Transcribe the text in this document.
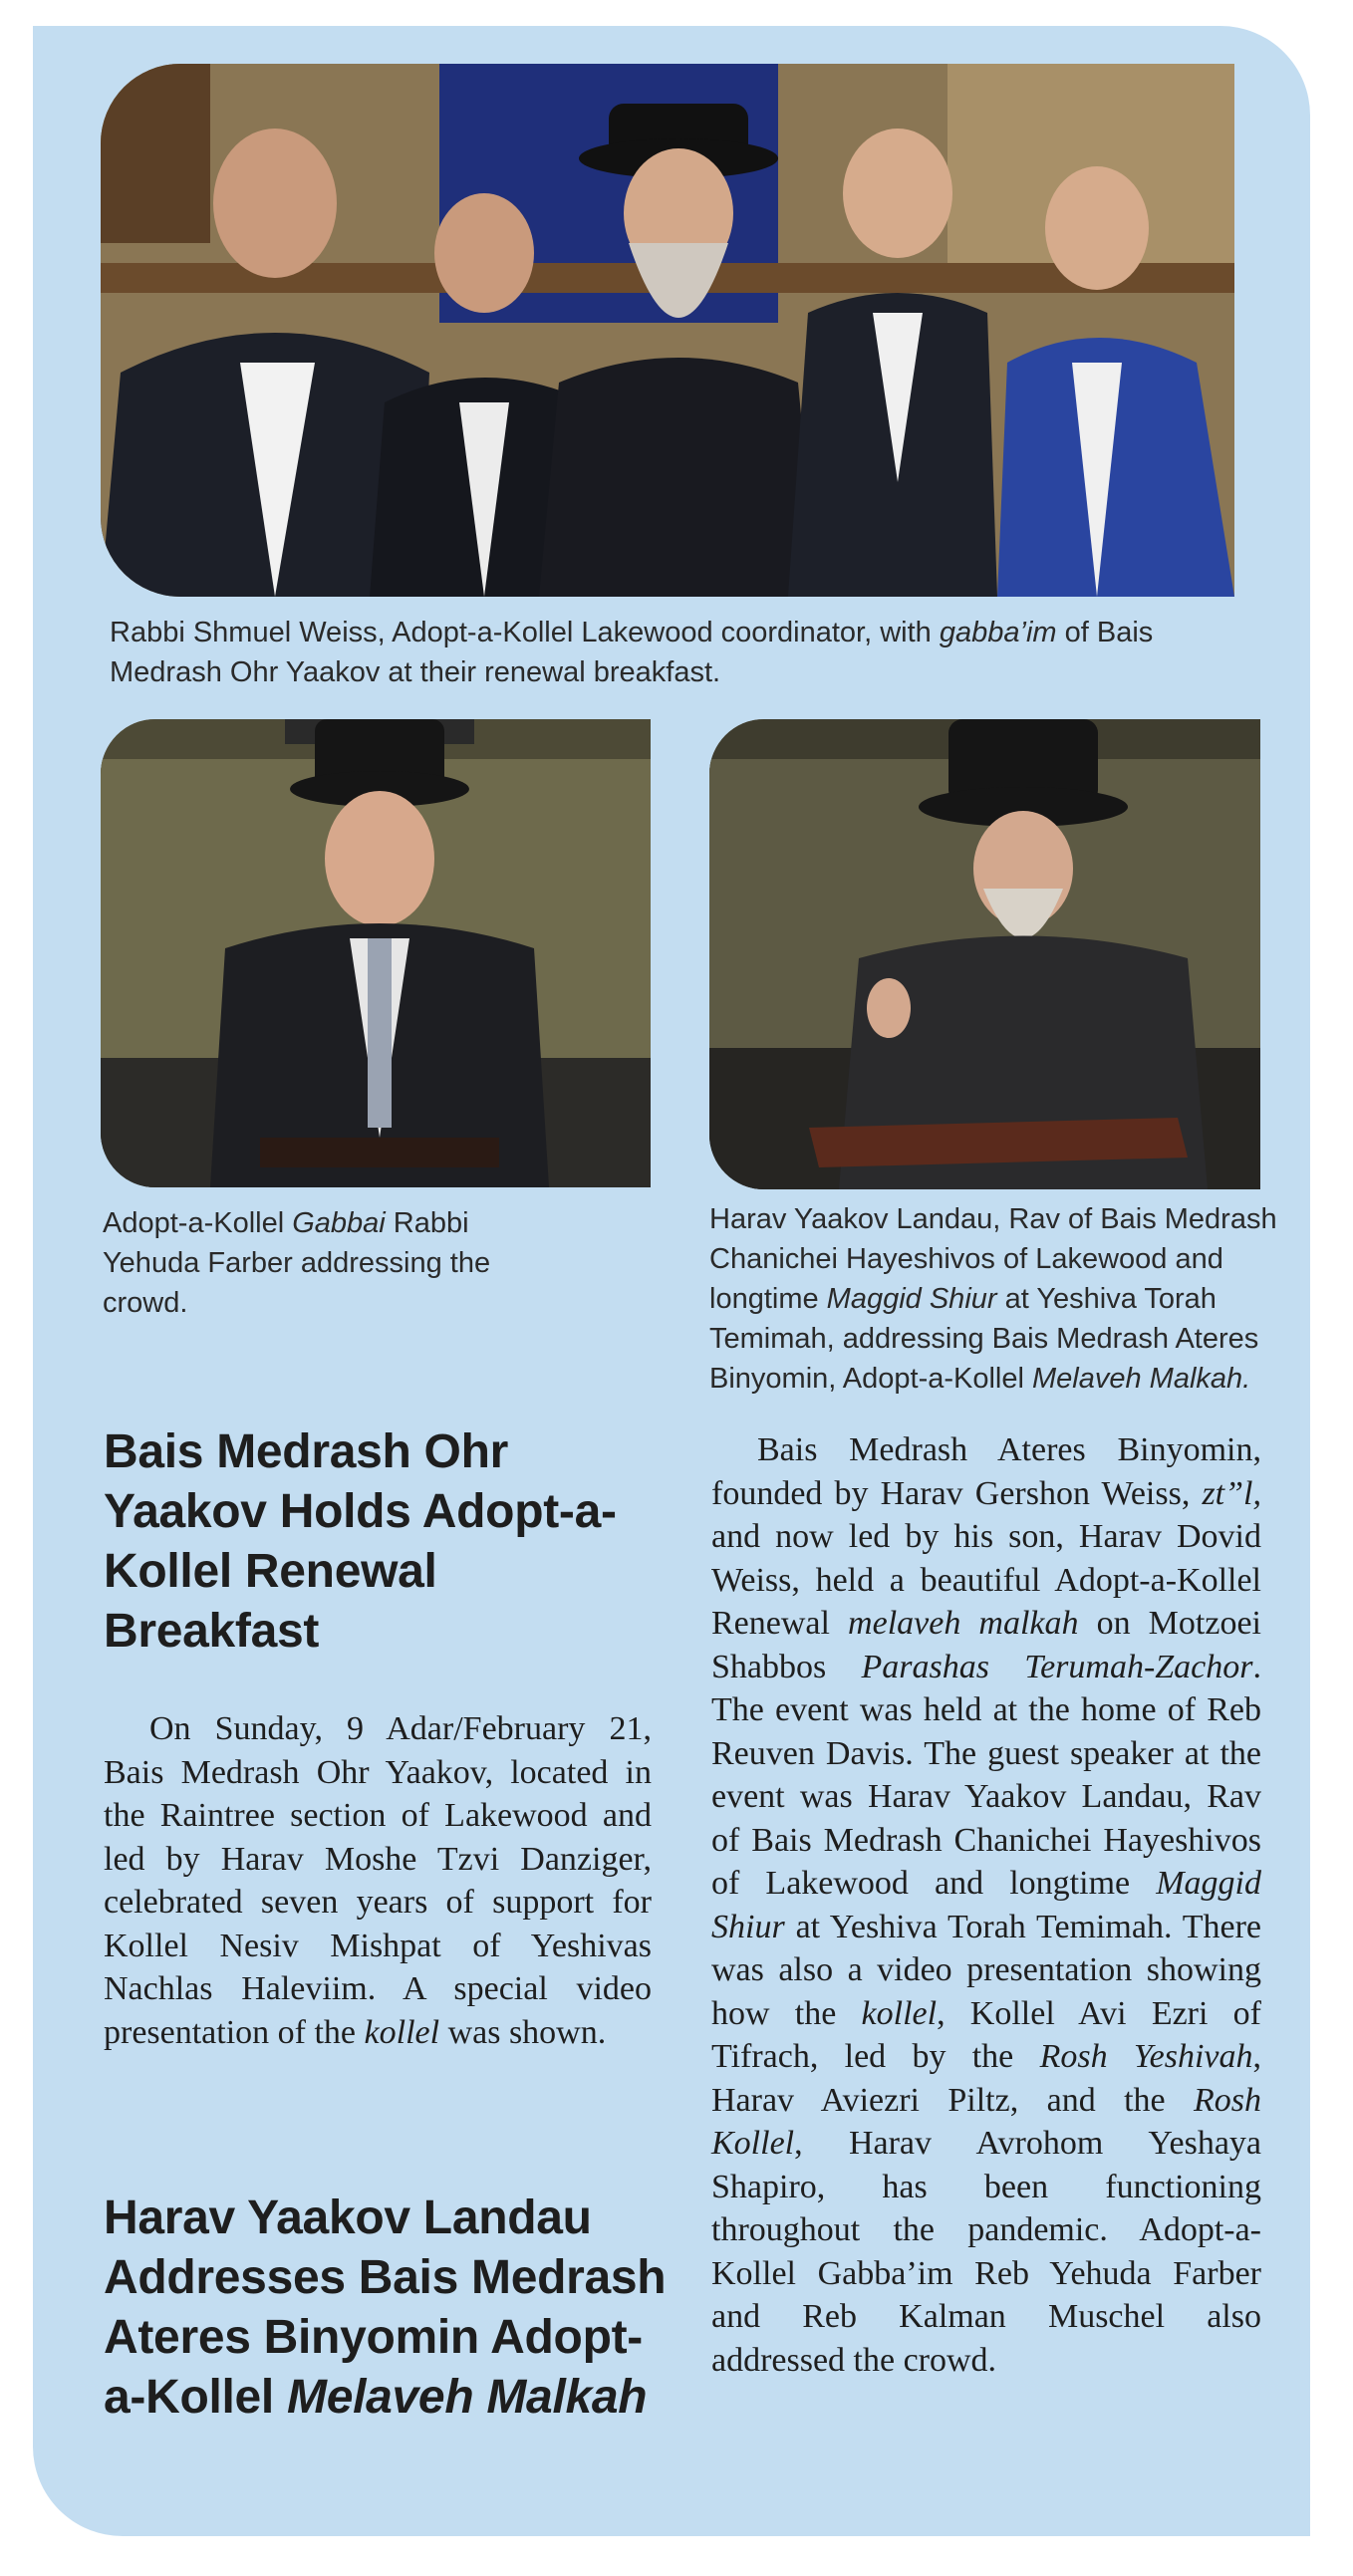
Rabbi Shmuel Weiss, Adopt-a-Kollel Lakewood coordinator, with gabba’im of Bais Medrash Ohr Yaakov at their renewal breakfast.

Adopt-a-Kollel Gabbai Rabbi Yehuda Farber addressing the crowd.

Harav Yaakov Landau, Rav of Bais Medrash Chanichei Hayeshivos of Lakewood and longtime Maggid Shiur at Yeshiva Torah Temimah, addressing Bais Medrash Ateres Binyomin, Adopt-a-Kollel Melaveh Malkah.

Bais Medrash Ohr Yaakov Holds Adopt-a-Kollel Renewal Breakfast

On Sunday, 9 Adar/February 21, Bais Medrash Ohr Yaakov, located in the Raintree section of Lakewood and led by Harav Moshe Tzvi Danziger, celebrated seven years of support for Kollel Nesiv Mishpat of Yeshivas Nachlas Haleviim. A special video presentation of the kollel was shown.

Harav Yaakov Landau Addresses Bais Medrash Ateres Binyomin Adopt-a-Kollel Melaveh Malkah

Bais Medrash Ateres Binyomin, founded by Harav Gershon Weiss, zt”l, and now led by his son, Harav Dovid Weiss, held a beautiful Adopt-a-Kollel Renewal melaveh malkah on Motzoei Shabbos Parashas Terumah-Zachor. The event was held at the home of Reb Reuven Davis. The guest speaker at the event was Harav Yaakov Landau, Rav of Bais Medrash Chanichei Hayeshivos of Lakewood and longtime Maggid Shiur at Yeshiva Torah Temimah. There was also a video presentation showing how the kollel, Kollel Avi Ezri of Tifrach, led by the Rosh Yeshivah, Harav Aviezri Piltz, and the Rosh Kollel, Harav Avrohom Yeshaya Shapiro, has been functioning throughout the pandemic. Adopt-a-Kollel Gabba’im Reb Yehuda Farber and Reb Kalman Muschel also addressed the crowd.
